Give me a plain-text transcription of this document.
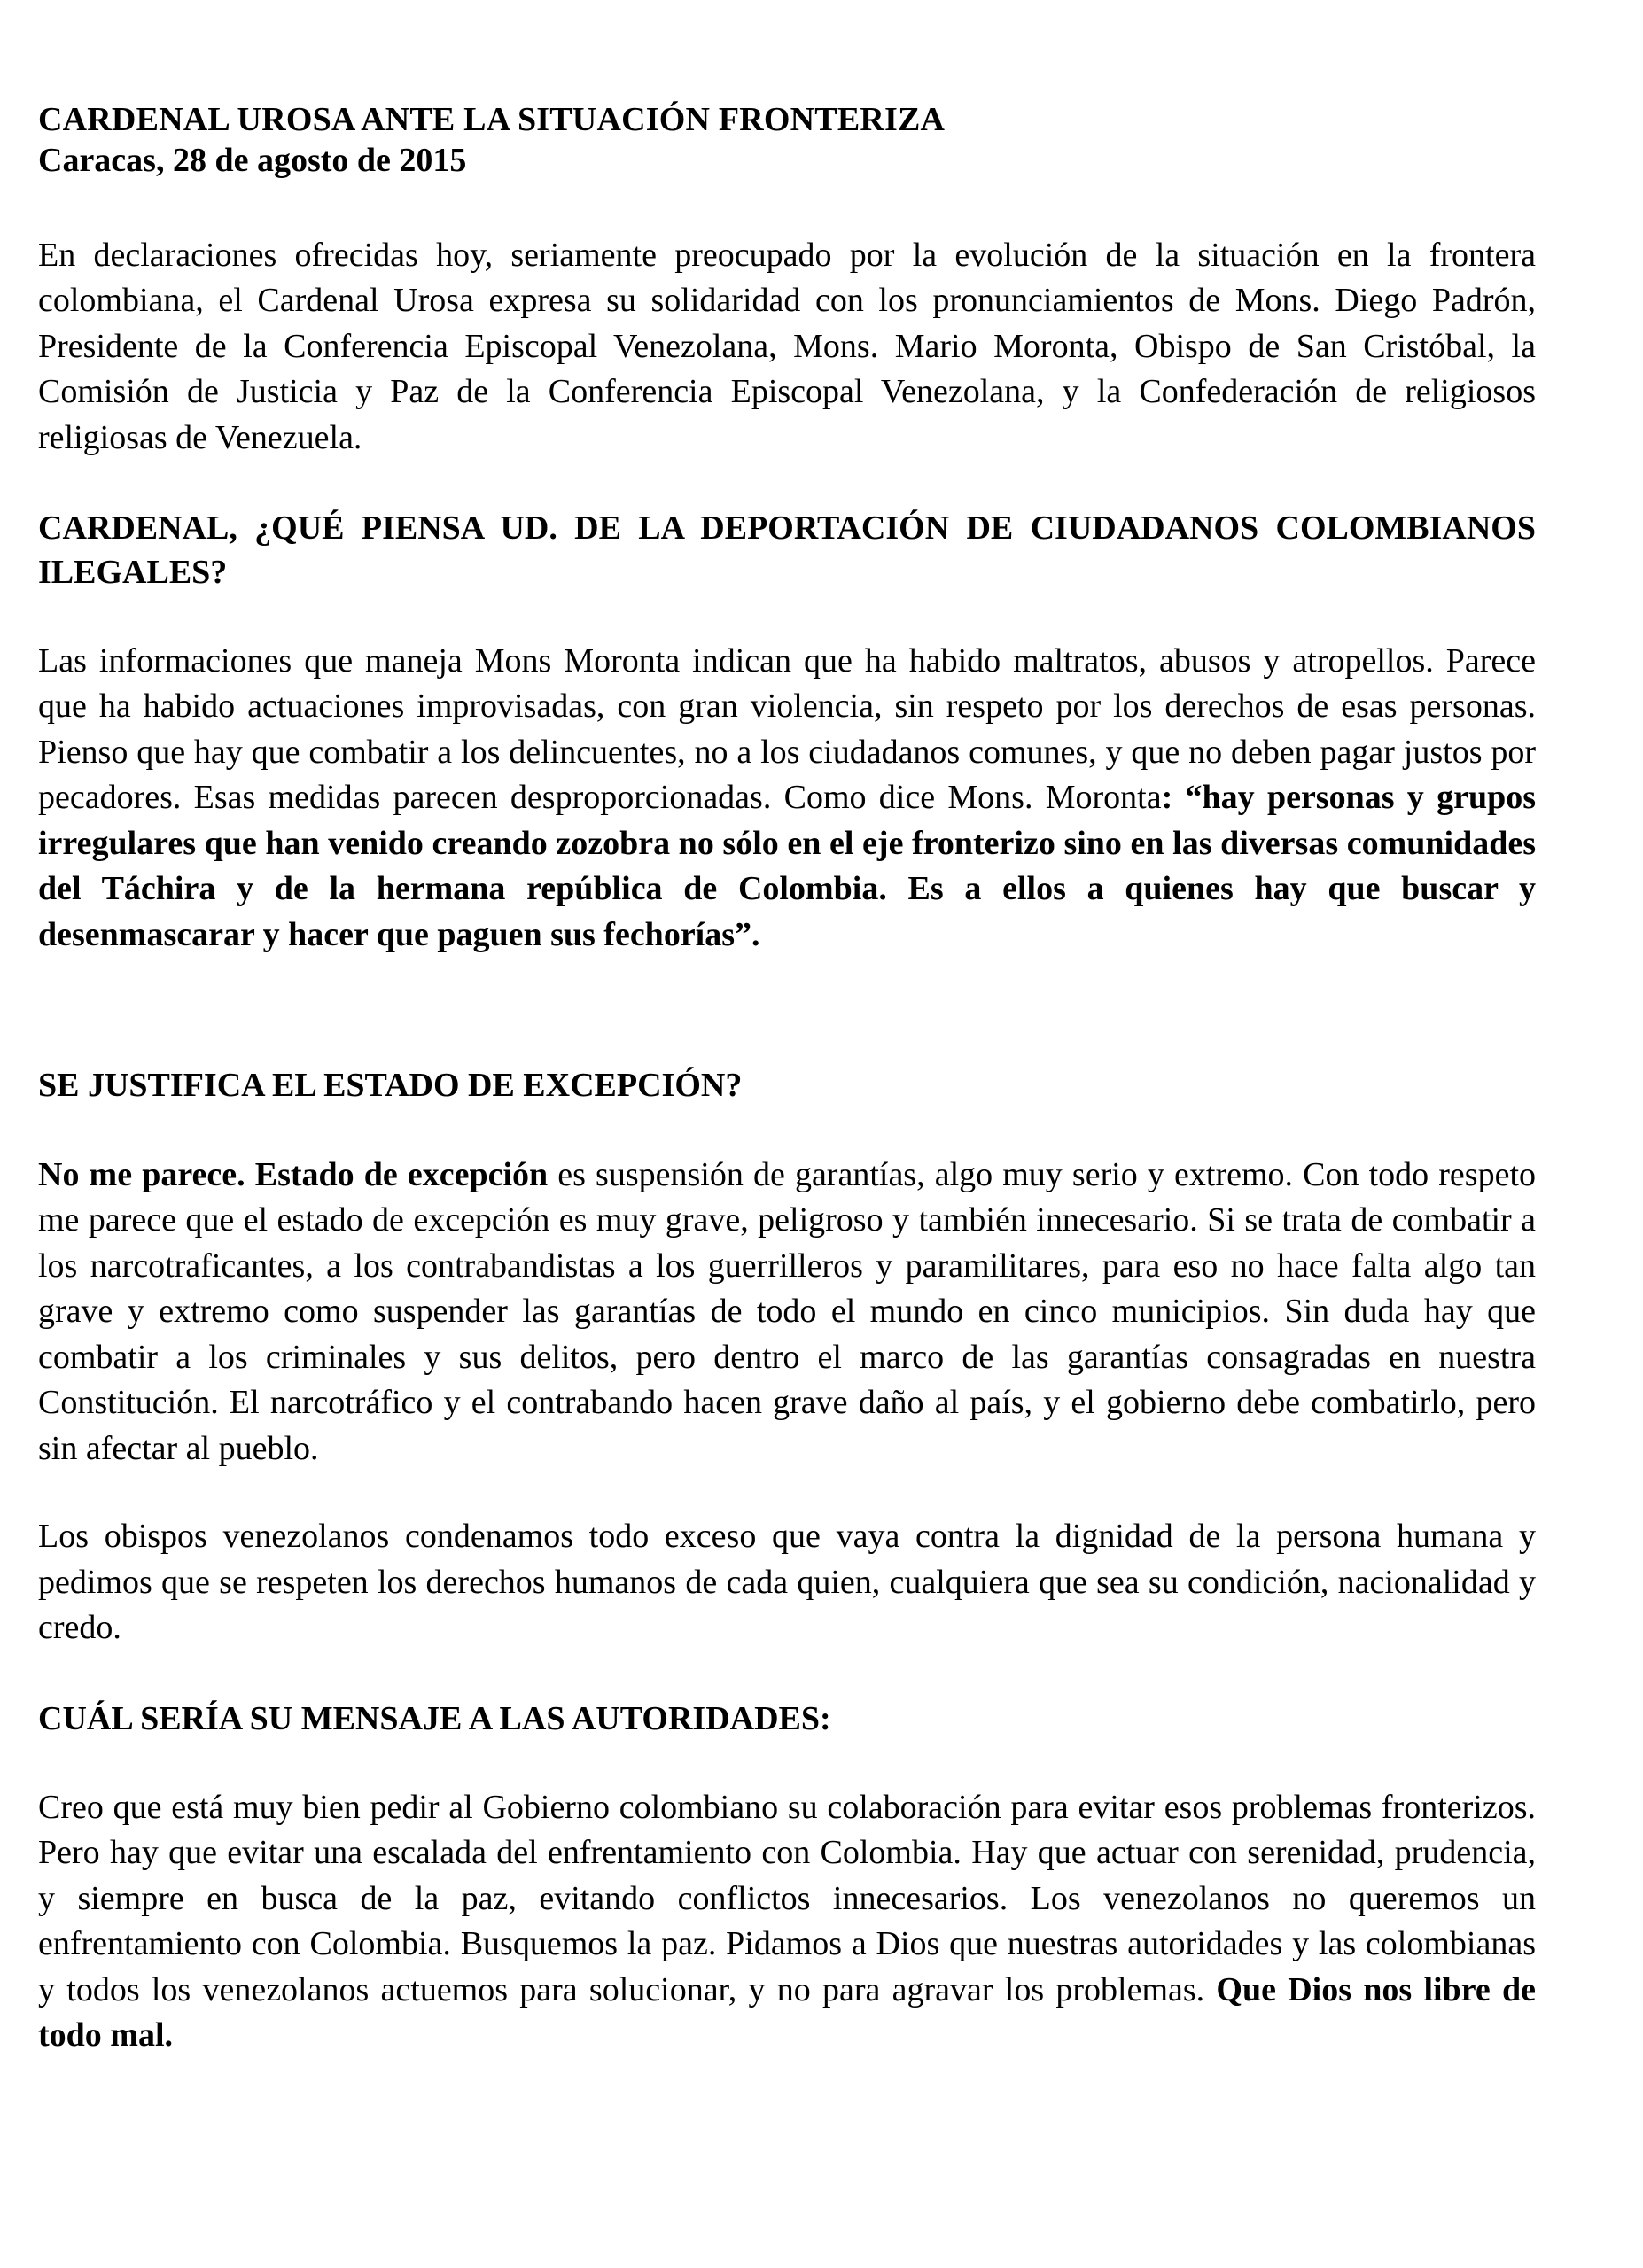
CARDENAL UROSA ANTE LA SITUACIÓN FRONTERIZA
Caracas, 28 de agosto de 2015

En declaraciones ofrecidas hoy, seriamente preocupado por la evolución de la situación en la frontera colombiana, el Cardenal Urosa expresa su solidaridad con los pronunciamientos de Mons. Diego Padrón, Presidente de la Conferencia Episcopal Venezolana, Mons. Mario Moronta, Obispo de San Cristóbal, la Comisión de Justicia y Paz de la Conferencia Episcopal Venezolana, y la Confederación de religiosos religiosas de Venezuela.

CARDENAL, ¿QUÉ PIENSA UD. DE LA DEPORTACIÓN DE CIUDADANOS COLOMBIANOS ILEGALES?

Las informaciones que maneja Mons Moronta indican que ha habido maltratos, abusos y atropellos. Parece que ha habido actuaciones improvisadas, con gran violencia, sin respeto por los derechos de esas personas. Pienso que hay que combatir a los delincuentes, no a los ciudadanos comunes, y que no deben pagar justos por pecadores. Esas medidas parecen desproporcionadas. Como dice Mons. Moronta: “hay personas y grupos irregulares que han venido creando zozobra no sólo en el eje fronterizo sino en las diversas comunidades del Táchira y de la hermana república de Colombia. Es a ellos a quienes hay que buscar y desenmascarar y hacer que paguen sus fechorías”.

SE JUSTIFICA EL ESTADO DE EXCEPCIÓN?

No me parece. Estado de excepción es suspensión de garantías, algo muy serio y extremo. Con todo respeto me parece que el estado de excepción es muy grave, peligroso y también innecesario. Si se trata de combatir a los narcotraficantes, a los contrabandistas a los guerrilleros y paramilitares, para eso no hace falta algo tan grave y extremo como suspender las garantías de todo el mundo en cinco municipios. Sin duda hay que combatir a los criminales y sus delitos, pero dentro el marco de las garantías consagradas en nuestra Constitución. El narcotráfico y el contrabando hacen grave daño al país, y el gobierno debe combatirlo, pero sin afectar al pueblo.

Los obispos venezolanos condenamos todo exceso que vaya contra la dignidad de la persona humana y pedimos que se respeten los derechos humanos de cada quien, cualquiera que sea su condición, nacionalidad y credo.

CUÁL SERÍA SU MENSAJE A LAS AUTORIDADES:

Creo que está muy bien pedir al Gobierno colombiano su colaboración para evitar esos problemas fronterizos. Pero hay que evitar una escalada del enfrentamiento con Colombia. Hay que actuar con serenidad, prudencia, y siempre en busca de la paz, evitando conflictos innecesarios. Los venezolanos no queremos un enfrentamiento con Colombia. Busquemos la paz. Pidamos a Dios que nuestras autoridades y las colombianas y todos los venezolanos actuemos para solucionar, y no para agravar los problemas. Que Dios nos libre de todo mal.
